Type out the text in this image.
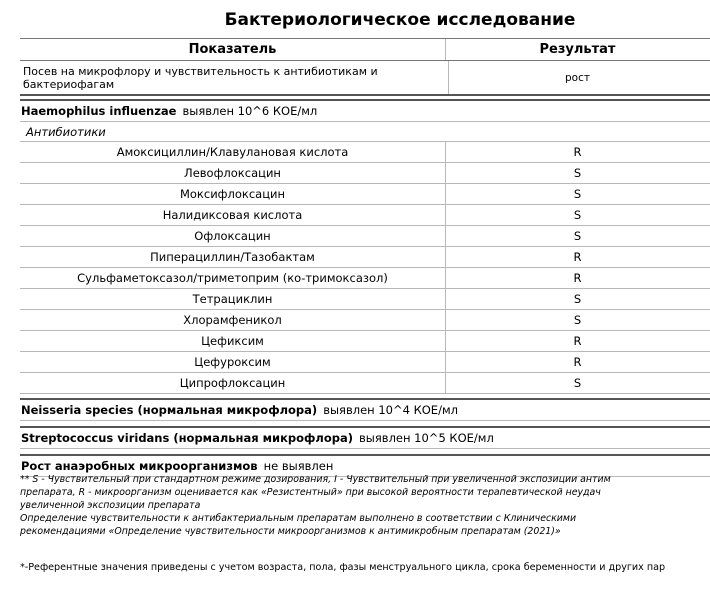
Бактериологическое исследование
Показатель	Результат
Посев на микрофлору и чувствительность к антибиотикам и бактериофагам	рост
Haemophilus influenzae выявлен 10^6 КОЕ/мл
Антибиотики
Амоксициллин/Клавулановая кислота	R
Левофлоксацин	S
Моксифлоксацин	S
Налидиксовая кислота	S
Офлоксацин	S
Пиперациллин/Тазобактам	R
Сульфаметоксазол/триметоприм (ко-тримоксазол)	R
Тетрациклин	S
Хлорамфеникол	S
Цефиксим	R
Цефуроксим	R
Ципрофлоксацин	S
Neisseria species (нормальная микрофлора) выявлен 10^4 КОЕ/мл
Streptococcus viridans (нормальная микрофлора) выявлен 10^5 КОЕ/мл
Рост анаэробных микроорганизмов не выявлен
** S - Чувствительный при стандартном режиме дозирования, I - Чувствительный при увеличенной экспозиции антим
препарата, R - микроорганизм оценивается как «Резистентный» при высокой вероятности терапевтической неудач
увеличенной экспозиции препарата
Определение чувствительности к антибактериальным препаратам выполнено в соответствии с Клиническими
рекомендациями «Определение чувствительности микроорганизмов к антимикробным препаратам (2021)»
*-Референтные значения приведены с учетом возраста, пола, фазы менструального цикла, срока беременности и других пар
